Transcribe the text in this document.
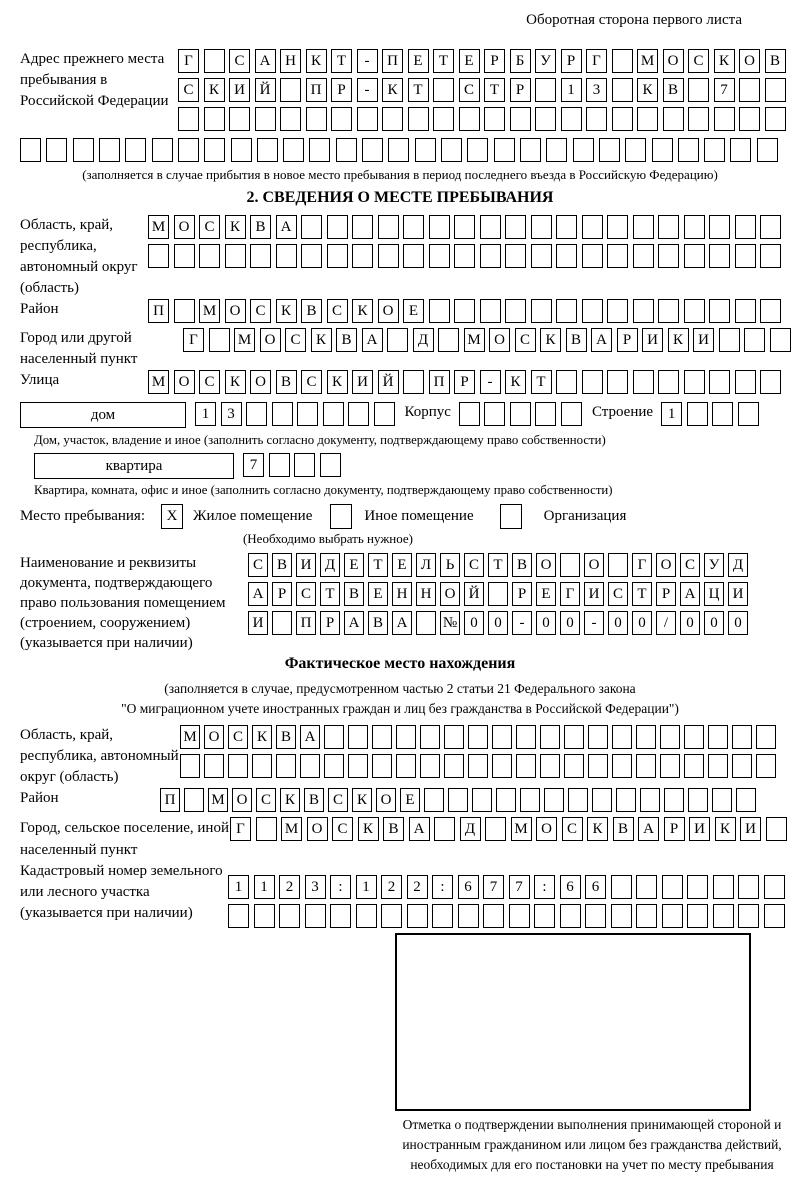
Оборотная сторона первого листа
Адрес прежнего места пребывания в Российской Федерации
Г	С	А Н	К	Т	-	П	Е	Т	Е	Р	Б	У	Р	Г	М О	С	К	О	В
С	К	И Й	П	Р	-	К	Т	С	Т	Р	1	3	К	В	7
(заполняется в случае прибытия в новое место пребывания в период последнего въезда в Российскую Федерацию)
2. СВЕДЕНИЯ О МЕСТЕ ПРЕБЫВАНИЯ
Область, край, республика, автономный округ (область)
М О	С	К	В	А
Район	П	М О	С	К	В	С	К	О	Е
Город или другой населенный пункт
Г	М О	С	К	В	А	Д	М О	С	К	В	А	Р	И	К	И
Улица	М О	С	К	О	В	С	К	И Й	П	Р	-	К	Т
дом	1	3	Корпус	Строение 1
Дом, участок, владение и иное (заполнить согласно документу, подтверждающему право собственности)
квартира	7
Квартира, комната, офис и иное (заполнить согласно документу, подтверждающему право собственности)
Место пребывания:	X	Жилое помещение	Иное помещение	Организация
(Необходимо выбрать нужное)
Наименование и реквизиты документа, подтверждающего право пользования помещением (строением, сооружением) (указывается при наличии)
С В И Д Е Т Е Л Ь С Т В О	О	Г О С У Д
А Р С Т В Е Н Н О Й	Р	Е	Г И С Т	Р А Ц И
И	П Р А В А	№ 0	0	-	0	0	-	0	0	/	0	0	0
Фактическое место нахождения
(заполняется в случае, предусмотренном частью 2 статьи 21 Федерального закона
"О миграционном учете иностранных граждан и лиц без гражданства в Российской Федерации")
Область, край, республика, автономный округ (область)
М О С К В А
Район	П	М О С К В С К О Е
Город, сельское поселение, иной населенный пункт
Г	М О	С	К	В	А	Д	М О	С	К	В	А	Р	И	К	И
Кадастровый номер земельного или лесного участка (указывается при наличии)
1	1	2	3	:	1	2	2	:	6	7	7	:	6	6
Отметка о подтверждении выполнения принимающей стороной и иностранным гражданином или лицом без гражданства действий, необходимых для его постановки на учет по месту пребывания
